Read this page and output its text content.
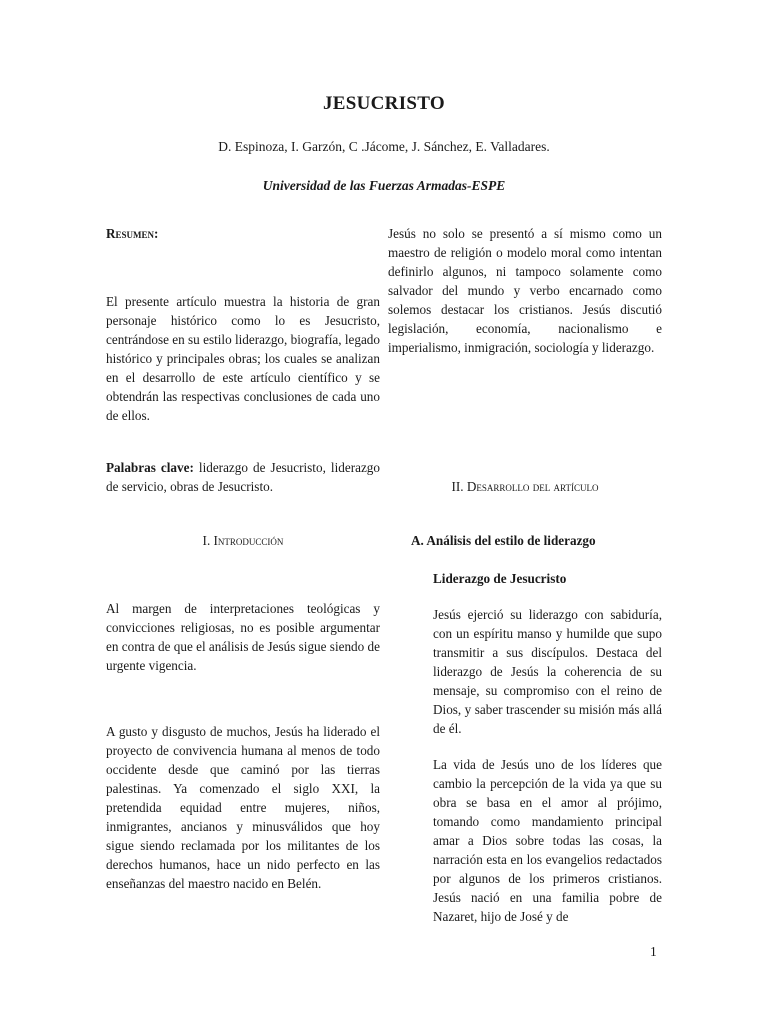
JESUCRISTO
D. Espinoza, I. Garzón, C .Jácome, J. Sánchez, E. Valladares.
Universidad de las Fuerzas Armadas-ESPE
Resumen:

El presente artículo muestra la historia de gran personaje histórico como lo es Jesucristo, centrándose en su estilo liderazgo, biografía, legado histórico y principales obras; los cuales se analizan en el desarrollo de este artículo científico y se obtendrán las respectivas conclusiones de cada uno de ellos.

Palabras clave: liderazgo de Jesucristo, liderazgo de servicio, obras de Jesucristo.

I. Introducción

Al margen de interpretaciones teológicas y convicciones religiosas, no es posible argumentar en contra de que el análisis de Jesús sigue siendo de urgente vigencia.

A gusto y disgusto de muchos, Jesús ha liderado el proyecto de convivencia humana al menos de todo occidente desde que caminó por las tierras palestinas. Ya comenzado el siglo XXI, la pretendida equidad entre mujeres, niños, inmigrantes, ancianos y minusválidos que hoy sigue siendo reclamada por los militantes de los derechos humanos, hace un nido perfecto en las enseñanzas del maestro nacido en Belén.

Jesús no solo se presentó a sí mismo como un maestro de religión o modelo moral como intentan definirlo algunos, ni tampoco solamente como salvador del mundo y verbo encarnado como solemos destacar los cristianos. Jesús discutió legislación, economía, nacionalismo e imperialismo, inmigración, sociología y liderazgo.

II. Desarrollo del artículo
A. Análisis del estilo de liderazgo
Liderazgo de Jesucristo

Jesús ejerció su liderazgo con sabiduría, con un espíritu manso y humilde que supo transmitir a sus discípulos. Destaca del liderazgo de Jesús la coherencia de su mensaje, su compromiso con el reino de Dios, y saber trascender su misión más allá de él.

La vida de Jesús uno de los líderes que cambio la percepción de la vida ya que su obra se basa en el amor al prójimo, tomando como mandamiento principal amar a Dios sobre todas las cosas, la narración esta en los evangelios redactados por algunos de los primeros cristianos. Jesús nació en una familia pobre de Nazaret, hijo de José y de

1
